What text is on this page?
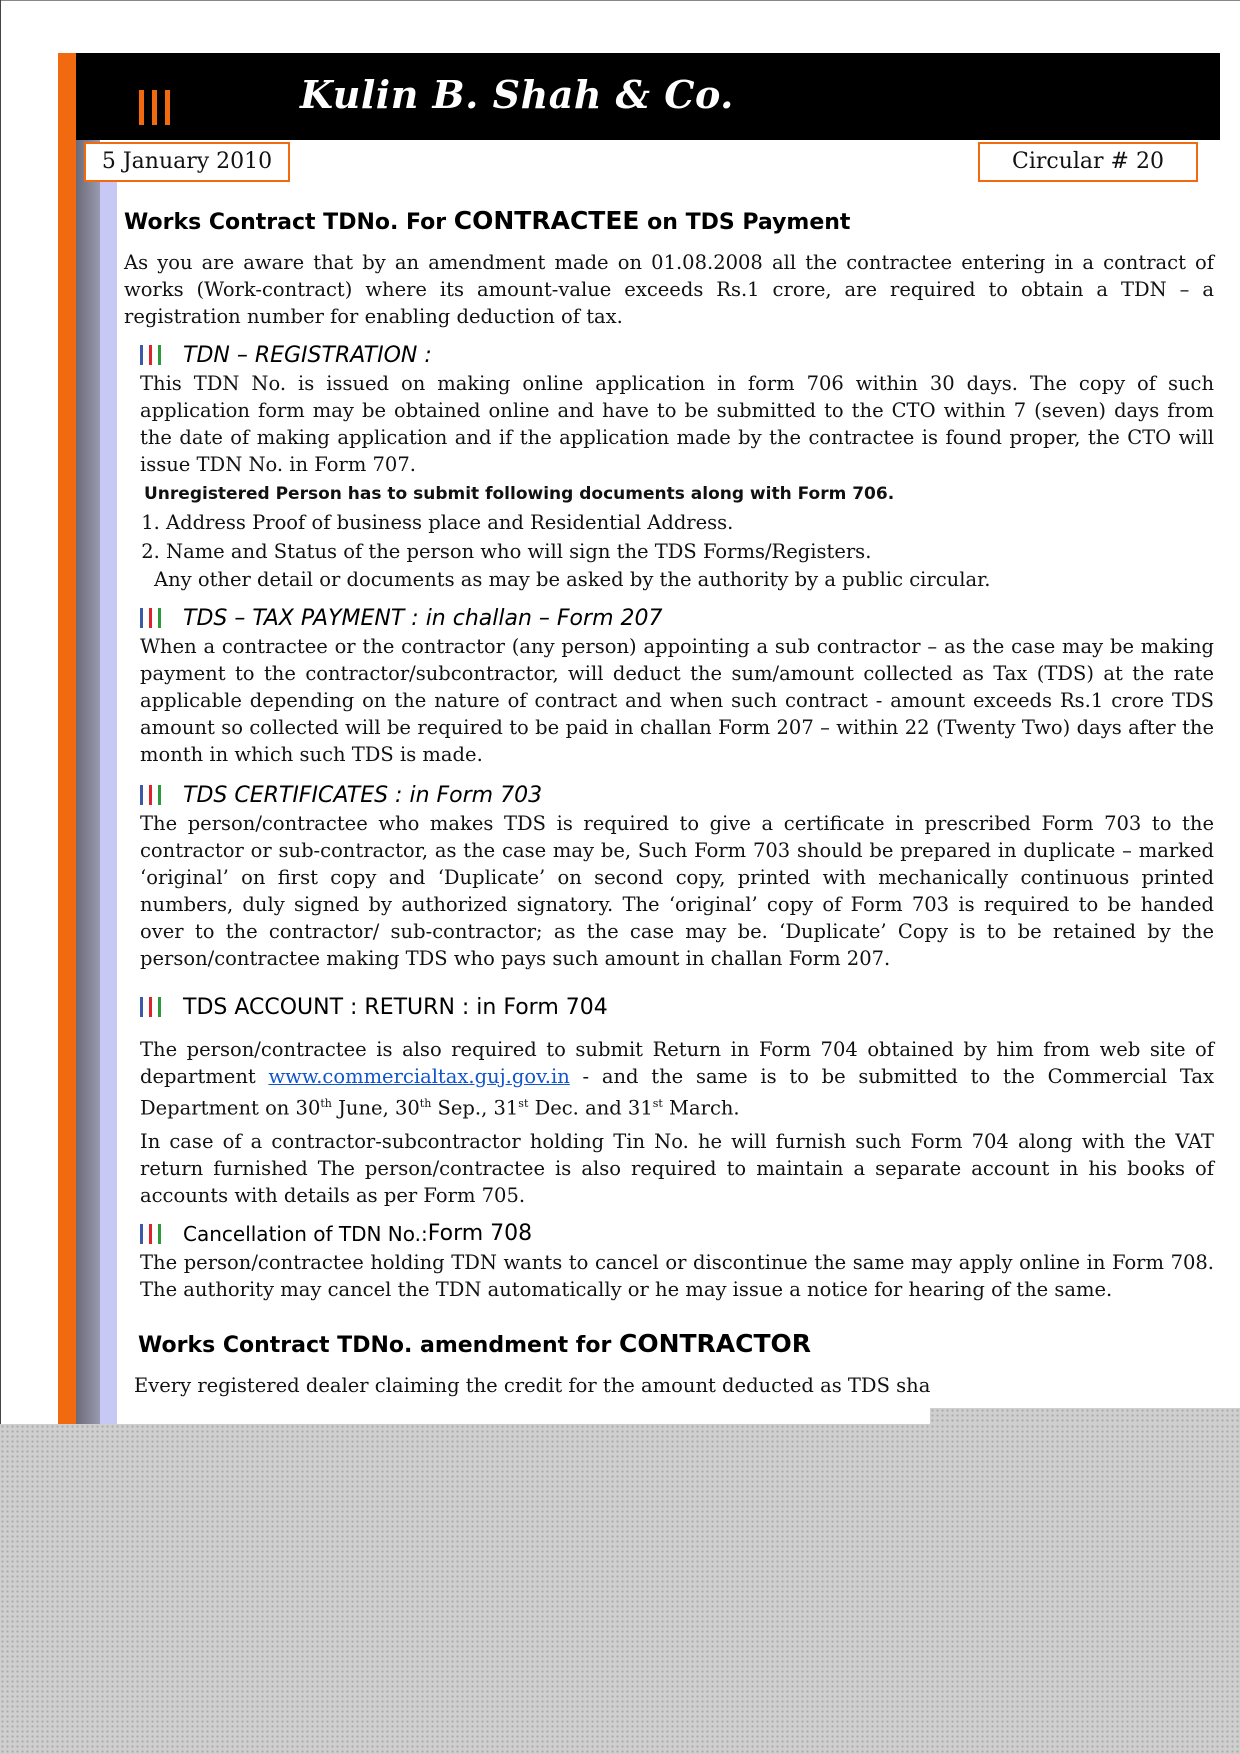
Kulin B. Shah & Co.
5 January 2010	Circular # 20
Works Contract TDNo. For CONTRACTEE on TDS Payment

As you are aware that by an amendment made on 01.08.2008 all the contractee entering in a contract of works (Work-contract) where its amount-value exceeds Rs.1 crore, are required to obtain a TDN – a registration number for enabling deduction of tax.

TDN – REGISTRATION :

This TDN No. is issued on making online application in form 706 within 30 days. The copy of such application form may be obtained online and have to be submitted to the CTO within 7 (seven) days from the date of making application and if the application made by the contractee is found proper, the CTO will issue TDN No. in Form 707.

Unregistered Person has to submit following documents along with Form 706.
1. Address Proof of business place and Residential Address.
2. Name and Status of the person who will sign the TDS Forms/Registers.
Any other detail or documents as may be asked by the authority by a public circular.
TDS – TAX PAYMENT : in challan – Form 207

When a contractee or the contractor (any person) appointing a sub contractor – as the case may be making payment to the contractor/subcontractor, will deduct the sum/amount collected as Tax (TDS) at the rate applicable depending on the nature of contract and when such contract - amount exceeds Rs.1 crore TDS amount so collected will be required to be paid in challan Form 207 – within 22 (Twenty Two) days after the month in which such TDS is made.

TDS CERTIFICATES : in Form 703

The person/contractee who makes TDS is required to give a certificate in prescribed Form 703 to the contractor or sub-contractor, as the case may be, Such Form 703 should be prepared in duplicate – marked ‘original’ on first copy and ‘Duplicate’ on second copy, printed with mechanically continuous printed numbers, duly signed by authorized signatory. The ‘original’ copy of Form 703 is required to be handed over to the contractor/ sub-contractor; as the case may be. ‘Duplicate’ Copy is to be retained by the person/contractee making TDS who pays such amount in challan Form 207.

TDS ACCOUNT : RETURN : in Form 704

The person/contractee is also required to submit Return in Form 704 obtained by him from web site of department www.commercialtax.guj.gov.in - and the same is to be submitted to the Commercial Tax Department on 30th June, 30th Sep., 31st Dec. and 31st March.

In case of a contractor-subcontractor holding Tin No. he will furnish such Form 704 along with the VAT return furnished The person/contractee is also required to maintain a separate account in his books of accounts with details as per Form 705.

Cancellation of TDN No.: Form 708

The person/contractee holding TDN wants to cancel or discontinue the same may apply online in Form 708. The authority may cancel the TDN automatically or he may issue a notice for hearing of the same.

Works Contract TDNo. amendment for CONTRACTOR
Every registered dealer claiming the credit for the amount deducted as TDS sha
